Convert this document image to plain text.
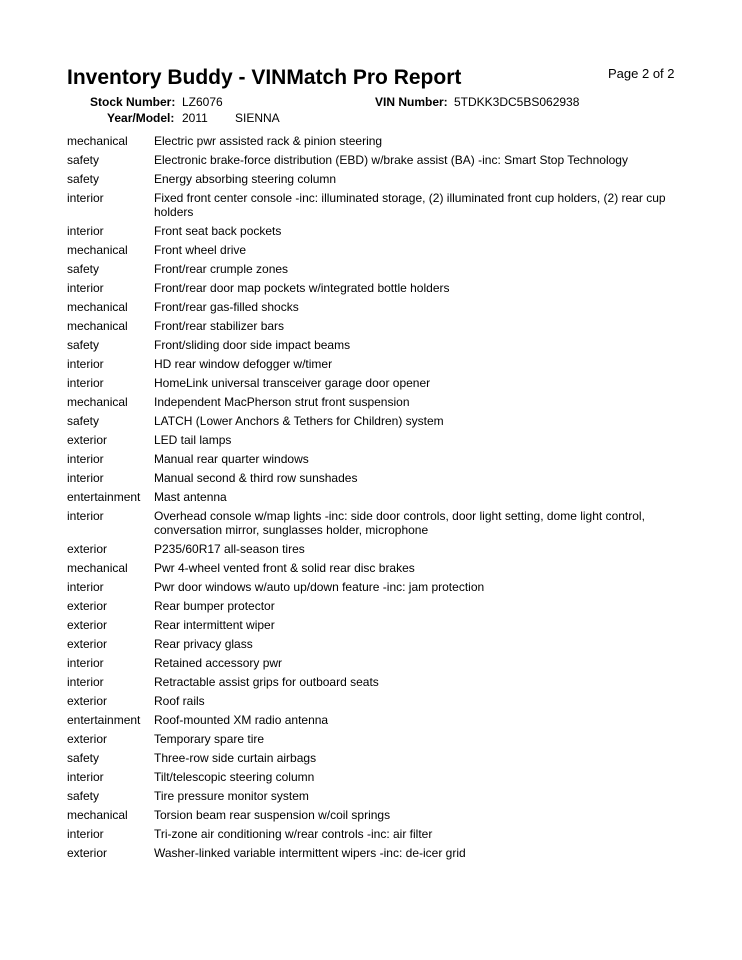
Inventory Buddy - VINMatch Pro Report	Page 2 of 2
Stock Number: LZ6076	VIN Number: 5TDKK3DC5BS062938
Year/Model: 2011 SIENNA
mechanical	Electric pwr assisted rack & pinion steering
safety	Electronic brake-force distribution (EBD) w/brake assist (BA) -inc: Smart Stop Technology
safety	Energy absorbing steering column
interior	Fixed front center console -inc: illuminated storage, (2) illuminated front cup holders, (2) rear cup holders
interior	Front seat back pockets
mechanical	Front wheel drive
safety	Front/rear crumple zones
interior	Front/rear door map pockets w/integrated bottle holders
mechanical	Front/rear gas-filled shocks
mechanical	Front/rear stabilizer bars
safety	Front/sliding door side impact beams
interior	HD rear window defogger w/timer
interior	HomeLink universal transceiver garage door opener
mechanical	Independent MacPherson strut front suspension
safety	LATCH (Lower Anchors & Tethers for Children) system
exterior	LED tail lamps
interior	Manual rear quarter windows
interior	Manual second & third row sunshades
entertainment	Mast antenna
interior	Overhead console w/map lights -inc: side door controls, door light setting, dome light control, conversation mirror, sunglasses holder, microphone
exterior	P235/60R17 all-season tires
mechanical	Pwr 4-wheel vented front & solid rear disc brakes
interior	Pwr door windows w/auto up/down feature -inc: jam protection
exterior	Rear bumper protector
exterior	Rear intermittent wiper
exterior	Rear privacy glass
interior	Retained accessory pwr
interior	Retractable assist grips for outboard seats
exterior	Roof rails
entertainment	Roof-mounted XM radio antenna
exterior	Temporary spare tire
safety	Three-row side curtain airbags
interior	Tilt/telescopic steering column
safety	Tire pressure monitor system
mechanical	Torsion beam rear suspension w/coil springs
interior	Tri-zone air conditioning w/rear controls -inc: air filter
exterior	Washer-linked variable intermittent wipers -inc: de-icer grid
